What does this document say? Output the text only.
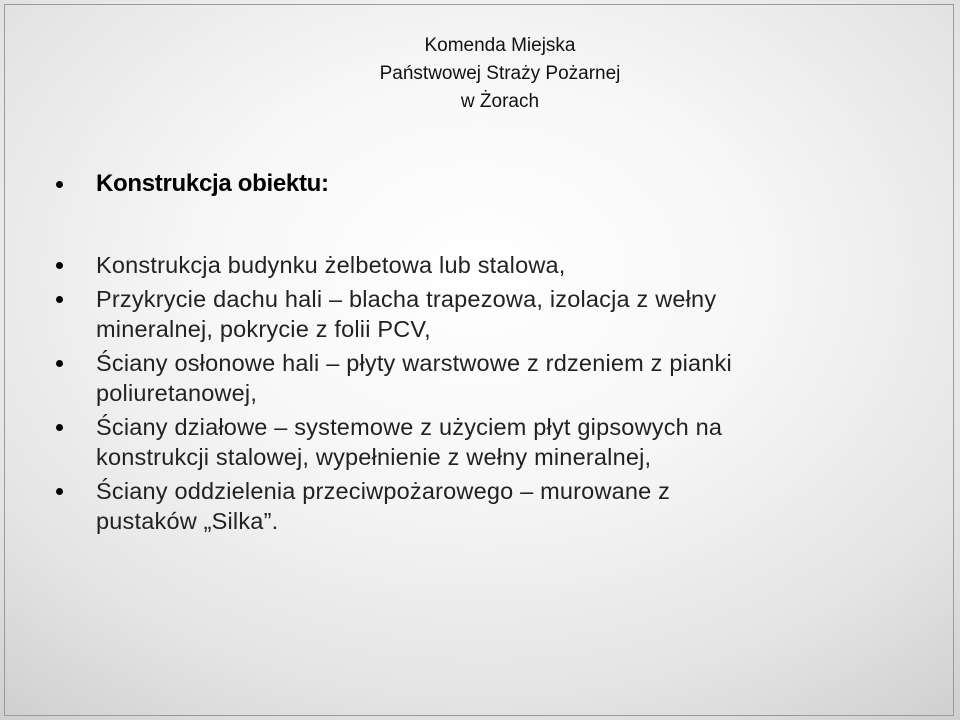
Komenda Miejska
Państwowej Straży Pożarnej
w Żorach
Konstrukcja obiektu:
Konstrukcja budynku żelbetowa lub stalowa,
Przykrycie dachu hali – blacha trapezowa, izolacja z wełny
mineralnej, pokrycie z folii PCV,
Ściany osłonowe hali – płyty warstwowe z rdzeniem z pianki
poliuretanowej,
Ściany działowe – systemowe z użyciem płyt gipsowych na
konstrukcji stalowej, wypełnienie z wełny mineralnej,
Ściany oddzielenia przeciwpożarowego – murowane z
pustaków „Silka”.
